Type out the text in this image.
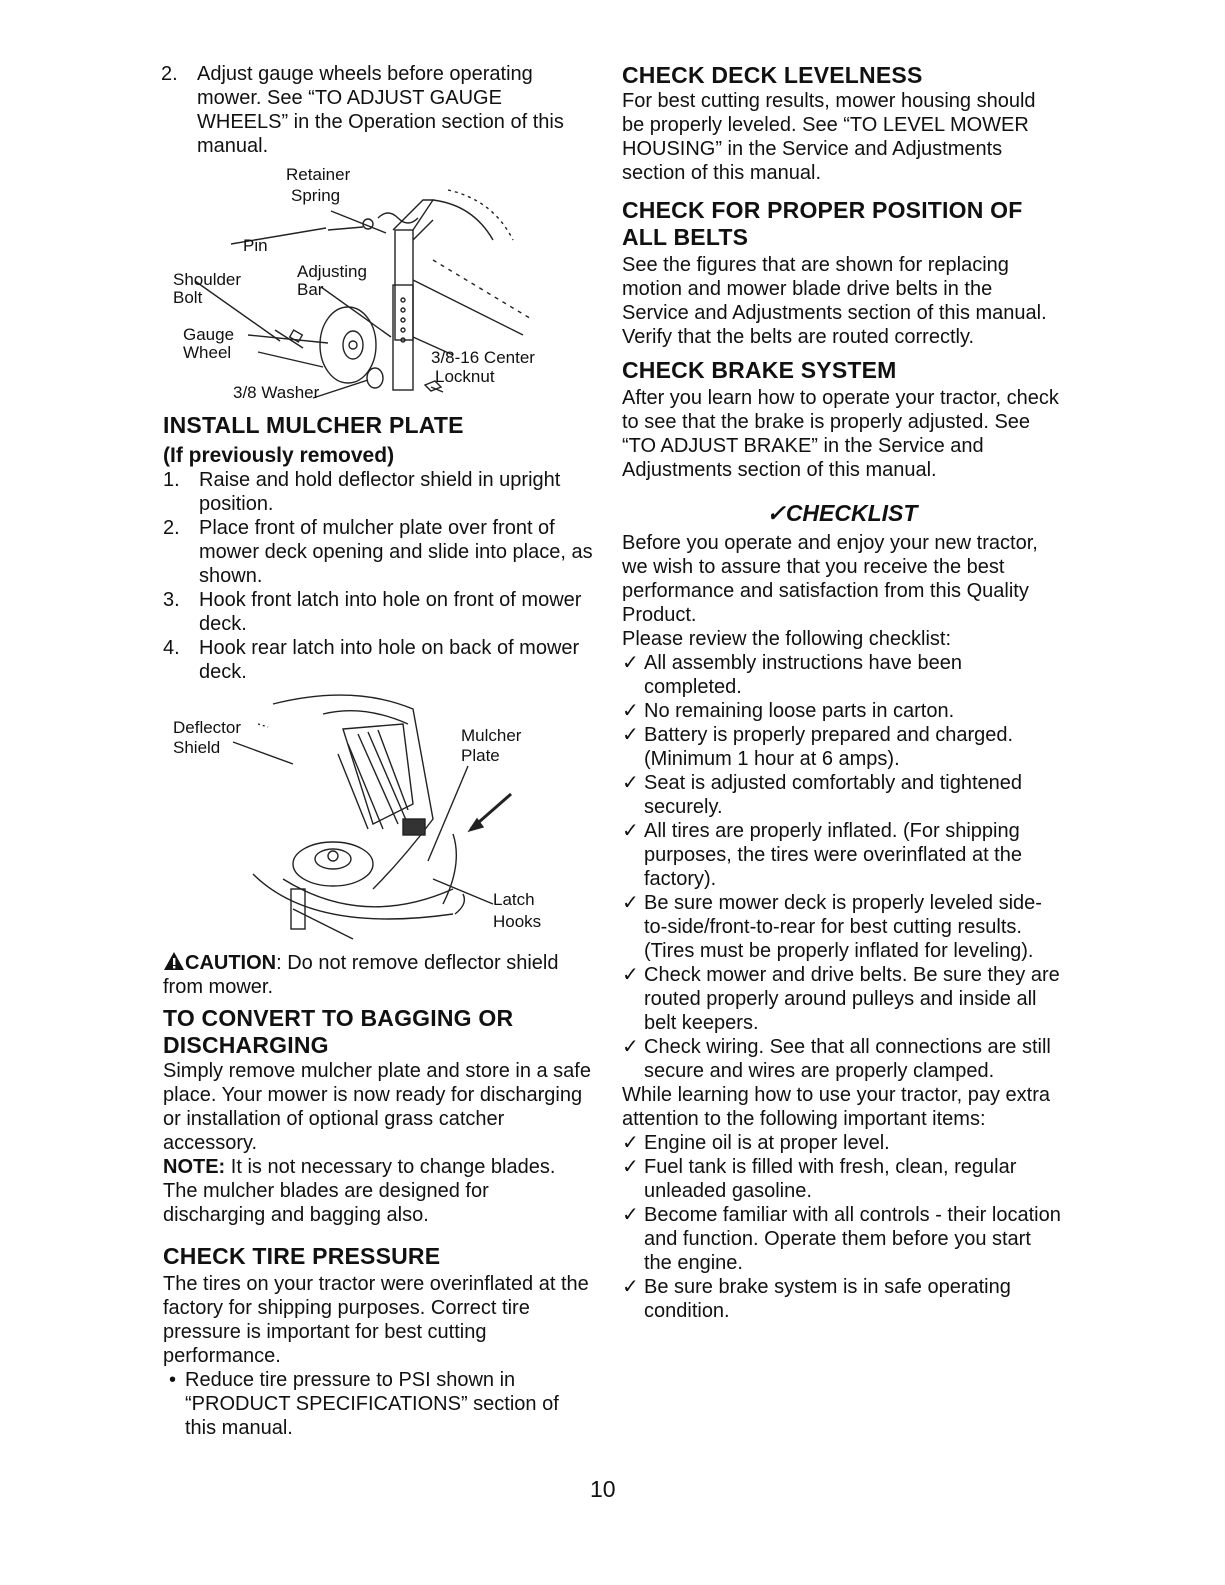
2. Adjust gauge wheels before operating mower. See “TO ADJUST GAUGE WHEELS” in the Operation section of this manual.

Retainer
Spring
Pin
Shoulder
Bolt
Adjusting
Bar
Gauge
Wheel	3/8-16 Center
Locknut
3/8 Washer
INSTALL MULCHER PLATE
(If previously removed)

1. Raise and hold deflector shield in upright position.

2. Place front of mulcher plate over front of mower deck opening and slide into place, as shown.

3. Hook front latch into hole on front of mower deck.

4. Hook rear latch into hole on back of mower deck.

Deflector
Shield
Mulcher
Plate
Latch
Hooks

CAUTION: Do not remove deflector shield from mower.

TO CONVERT TO BAGGING OR DISCHARGING

Simply remove mulcher plate and store in a safe place. Your mower is now ready for discharging or installation of optional grass catcher accessory.

NOTE: It is not necessary to change blades. The mulcher blades are designed for discharging and bagging also.

CHECK TIRE PRESSURE

The tires on your tractor were overinflated at the factory for shipping purposes. Correct tire pressure is important for best cutting performance.

• Reduce tire pressure to PSI shown in “PRODUCT SPECIFICATIONS” section of this manual.

CHECK DECK LEVELNESS

For best cutting results, mower housing should be properly leveled. See “TO LEVEL MOWER HOUSING” in the Service and Adjustments section of this manual.

CHECK FOR PROPER POSITION OF ALL BELTS

See the figures that are shown for replacing motion and mower blade drive belts in the Service and Adjustments section of this manual. Verify that the belts are routed correctly.

CHECK BRAKE SYSTEM

After you learn how to operate your tractor, check to see that the brake is properly adjusted. See “TO ADJUST BRAKE” in the Service and Adjustments section of this manual.

✓CHECKLIST

Before you operate and enjoy your new tractor, we wish to assure that you receive the best performance and satisfaction from this Quality Product.

Please review the following checklist:

✓ All assembly instructions have been completed.

✓ No remaining loose parts in carton.

✓ Battery is properly prepared and charged. (Minimum 1 hour at 6 amps).

✓ Seat is adjusted comfortably and tightened securely.

✓ All tires are properly inflated. (For shipping purposes, the tires were overinflated at the factory).

✓ Be sure mower deck is properly leveled side-to-side/front-to-rear for best cutting results. (Tires must be properly inflated for leveling).

✓ Check mower and drive belts. Be sure they are routed properly around pulleys and inside all belt keepers.

✓ Check wiring. See that all connections are still secure and wires are properly clamped.

While learning how to use your tractor, pay extra attention to the following important items:

✓ Engine oil is at proper level.

✓ Fuel tank is filled with fresh, clean, regular unleaded gasoline.

✓ Become familiar with all controls - their location and function. Operate them before you start the engine.

✓ Be sure brake system is in safe operating condition.

10
